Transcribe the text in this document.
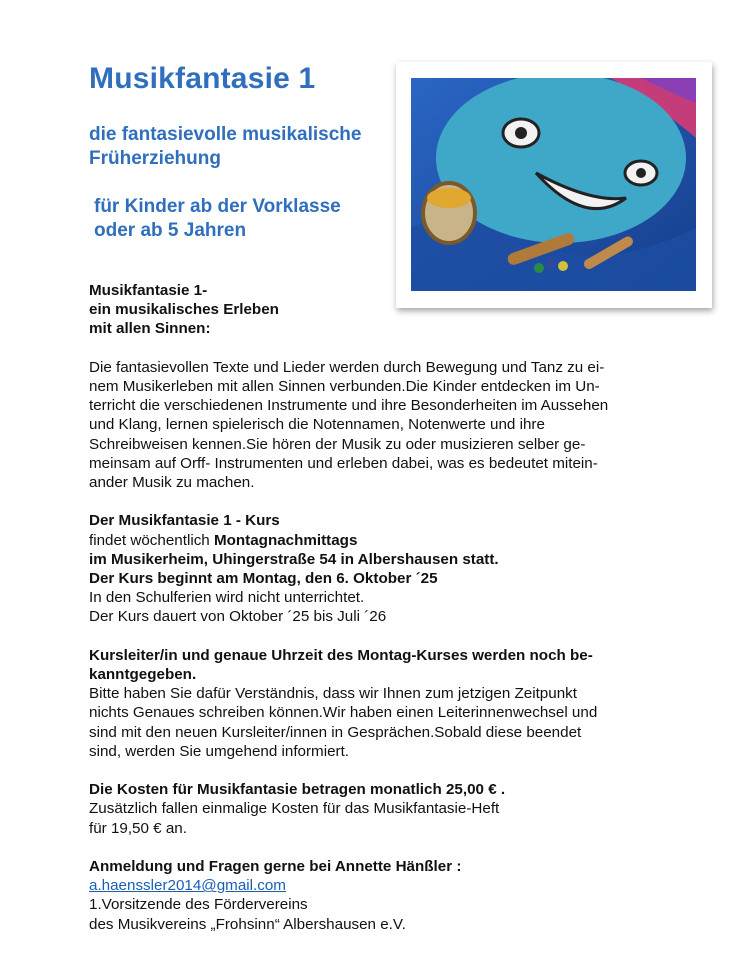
Musikfantasie 1
die fantasievolle musikalische
Früherziehung
für Kinder ab der Vorklasse
oder ab 5 Jahren
Musikfantasie 1-
ein musikalisches Erleben
mit allen Sinnen:
Die fantasievollen Texte und Lieder werden durch Bewegung und Tanz zu ei-
nem Musikerleben mit allen Sinnen verbunden.Die Kinder entdecken im Un-
terricht die verschiedenen Instrumente und ihre Besonderheiten im Aussehen
und Klang, lernen spielerisch die Notennamen, Notenwerte und ihre
Schreibweisen kennen.Sie hören der Musik zu oder musizieren selber ge-
meinsam auf Orff- Instrumenten und erleben dabei, was es bedeutet mitein-
ander Musik zu machen.
Der Musikfantasie 1 - Kurs
findet wöchentlich Montagnachmittags
im Musikerheim, Uhingerstraße 54 in Albershausen statt.
Der Kurs beginnt am Montag, den 6. Oktober ´25
In den Schulferien wird nicht unterrichtet.
Der Kurs dauert von Oktober ´25 bis Juli ´26
Kursleiter/in und genaue Uhrzeit des Montag-Kurses werden noch be-
kanntgegeben.
Bitte haben Sie dafür Verständnis, dass wir Ihnen zum jetzigen Zeitpunkt
nichts Genaues schreiben können.Wir haben einen Leiterinnenwechsel und
sind mit den neuen Kursleiter/innen in Gesprächen.Sobald diese beendet
sind, werden Sie umgehend informiert.
Die Kosten für Musikfantasie betragen monatlich 25,00 € .
Zusätzlich fallen einmalige Kosten für das Musikfantasie-Heft
für 19,50 € an.
Anmeldung und Fragen gerne bei Annette Hänßler :
a.haenssler2014@gmail.com
1.Vorsitzende des Fördervereins
des Musikvereins „Frohsinn“ Albershausen e.V.
